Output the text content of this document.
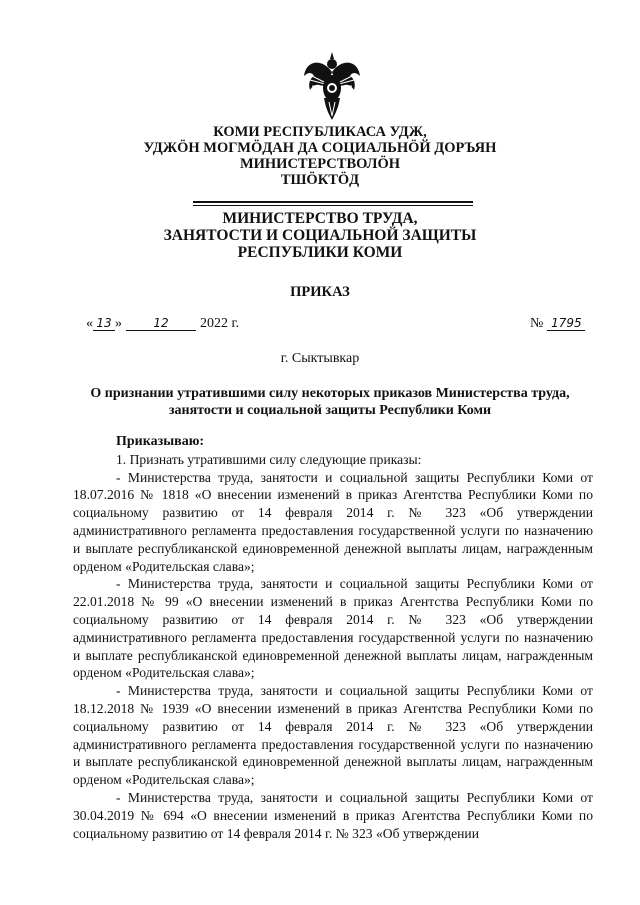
КОМИ РЕСПУБЛИКАСА УДЖ,
УДЖÖН МОГМÖДАН ДА СОЦИАЛЬНÖЙ ДОРЪЯН
МИНИСТЕРСТВОЛÖН
ТШÖКТÖД
МИНИСТЕРСТВО ТРУДА,
ЗАНЯТОСТИ И СОЦИАЛЬНОЙ ЗАЩИТЫ
РЕСПУБЛИКИ КОМИ
ПРИКАЗ
« 13 »	12 2022 г.	№ 1795
г. Сыктывкар
О признании утратившими силу некоторых приказов Министерства труда, занятости и социальной защиты Республики Коми

Приказываю:

1. Признать утратившими силу следующие приказы:

- Министерства труда, занятости и социальной защиты Республики Коми от 18.07.2016 № 1818 «О внесении изменений в приказ Агентства Республики Коми по социальному развитию от 14 февраля 2014 г. № 323 «Об утверждении административного регламента предоставления государственной услуги по назначению и выплате республиканской единовременной денежной выплаты лицам, награжденным орденом «Родительская слава»;

- Министерства труда, занятости и социальной защиты Республики Коми от 22.01.2018 № 99 «О внесении изменений в приказ Агентства Республики Коми по социальному развитию от 14 февраля 2014 г. № 323 «Об утверждении административного регламента предоставления государственной услуги по назначению и выплате республиканской единовременной денежной выплаты лицам, награжденным орденом «Родительская слава»;

- Министерства труда, занятости и социальной защиты Республики Коми от 18.12.2018 № 1939 «О внесении изменений в приказ Агентства Республики Коми по социальному развитию от 14 февраля 2014 г. № 323 «Об утверждении административного регламента предоставления государственной услуги по назначению и выплате республиканской единовременной денежной выплаты лицам, награжденным орденом «Родительская слава»;

- Министерства труда, занятости и социальной защиты Республики Коми от 30.04.2019 № 694 «О внесении изменений в приказ Агентства Республики Коми по социальному развитию от 14 февраля 2014 г. № 323 «Об утверждении
